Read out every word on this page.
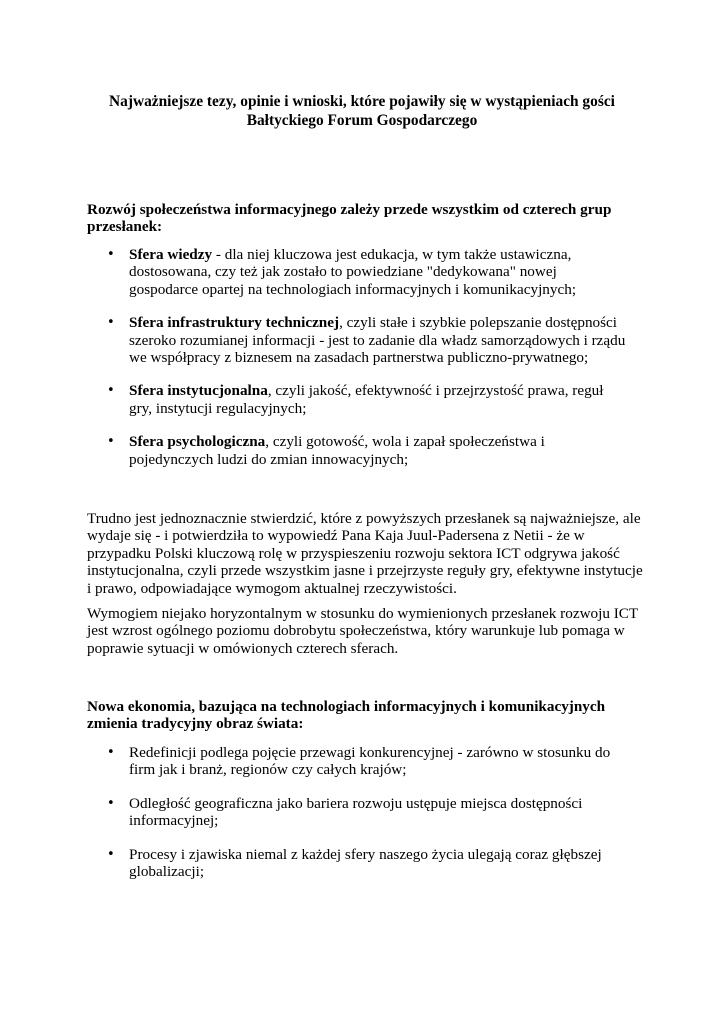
Najważniejsze tezy, opinie i wnioski, które pojawiły się w wystąpieniach gości
Bałtyckiego Forum Gospodarczego

Rozwój społeczeństwa informacyjnego zależy przede wszystkim od czterech grup przesłanek:

• Sfera wiedzy - dla niej kluczowa jest edukacja, w tym także ustawiczna, dostosowana, czy też jak zostało to powiedziane "dedykowana" nowej gospodarce opartej na technologiach informacyjnych i komunikacyjnych;
• Sfera infrastruktury technicznej, czyli stałe i szybkie polepszanie dostępności szeroko rozumianej informacji - jest to zadanie dla władz samorządowych i rządu we współpracy z biznesem na zasadach partnerstwa publiczno-prywatnego;
• Sfera instytucjonalna, czyli jakość, efektywność i przejrzystość prawa, reguł gry, instytucji regulacyjnych;
• Sfera psychologiczna, czyli gotowość, wola i zapał społeczeństwa i pojedynczych ludzi do zmian innowacyjnych;

Trudno jest jednoznacznie stwierdzić, które z powyższych przesłanek są najważniejsze, ale wydaje się - i potwierdziła to wypowiedź Pana Kaja Juul-Padersena z Netii - że w przypadku Polski kluczową rolę w przyspieszeniu rozwoju sektora ICT odgrywa jakość instytucjonalna, czyli przede wszystkim jasne i przejrzyste reguły gry, efektywne instytucje i prawo, odpowiadające wymogom aktualnej rzeczywistości.

Wymogiem niejako horyzontalnym w stosunku do wymienionych przesłanek rozwoju ICT jest wzrost ogólnego poziomu dobrobytu społeczeństwa, który warunkuje lub pomaga w poprawie sytuacji w omówionych czterech sferach.

Nowa ekonomia, bazująca na technologiach informacyjnych i komunikacyjnych zmienia tradycyjny obraz świata:

• Redefinicji podlega pojęcie przewagi konkurencyjnej - zarówno w stosunku do firm jak i branż, regionów czy całych krajów;
• Odległość geograficzna jako bariera rozwoju ustępuje miejsca dostępności informacyjnej;
• Procesy i zjawiska niemal z każdej sfery naszego życia ulegają coraz głębszej globalizacji;
